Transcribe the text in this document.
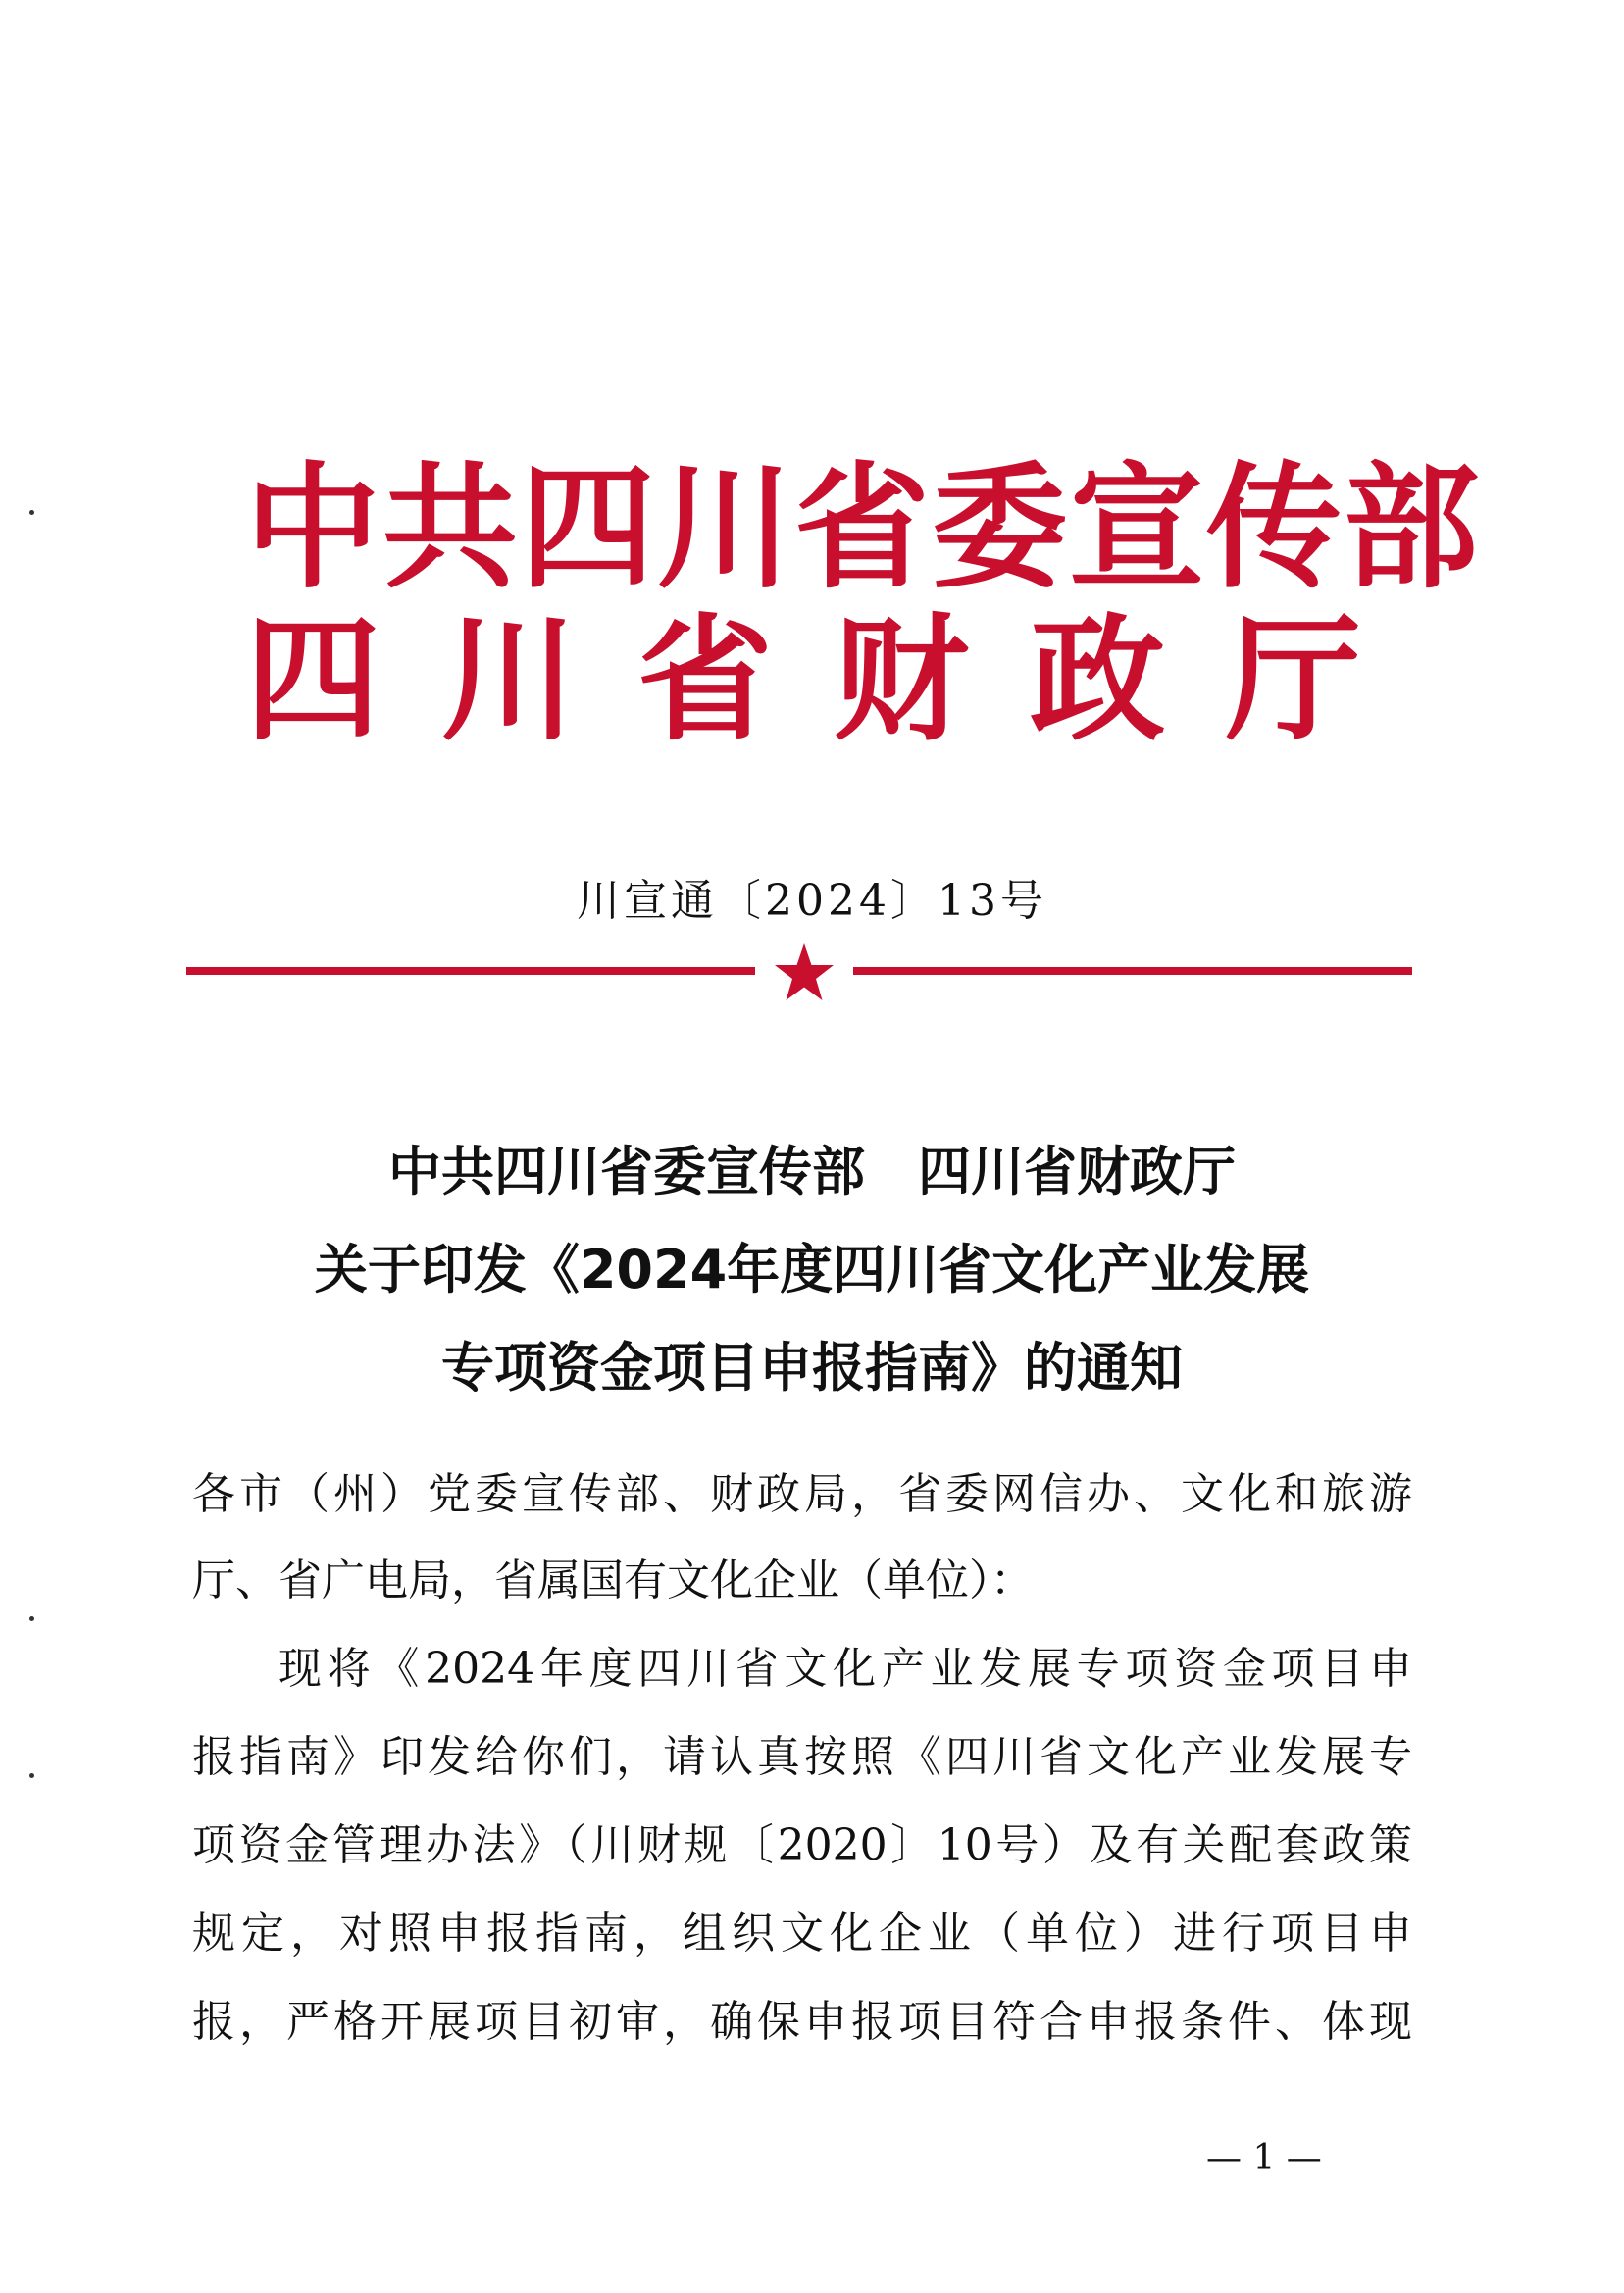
中共四川省委宣传部
四川省财政厅
川宣通〔2024〕13号
中共四川省委宣传部 四川省财政厅
关于印发《2024年度四川省文化产业发展
专项资金项目申报指南》的通知
各市（州）党委宣传部、财政局，省委网信办、文化和旅游
厅、省广电局，省属国有文化企业（单位）：
现将《2024年度四川省文化产业发展专项资金项目申
报指南》印发给你们，请认真按照《四川省文化产业发展专
项资金管理办法》（川财规〔2020〕10号）及有关配套政策
规定，对照申报指南，组织文化企业（单位）进行项目申
报，严格开展项目初审，确保申报项目符合申报条件、体现
— 1 —
